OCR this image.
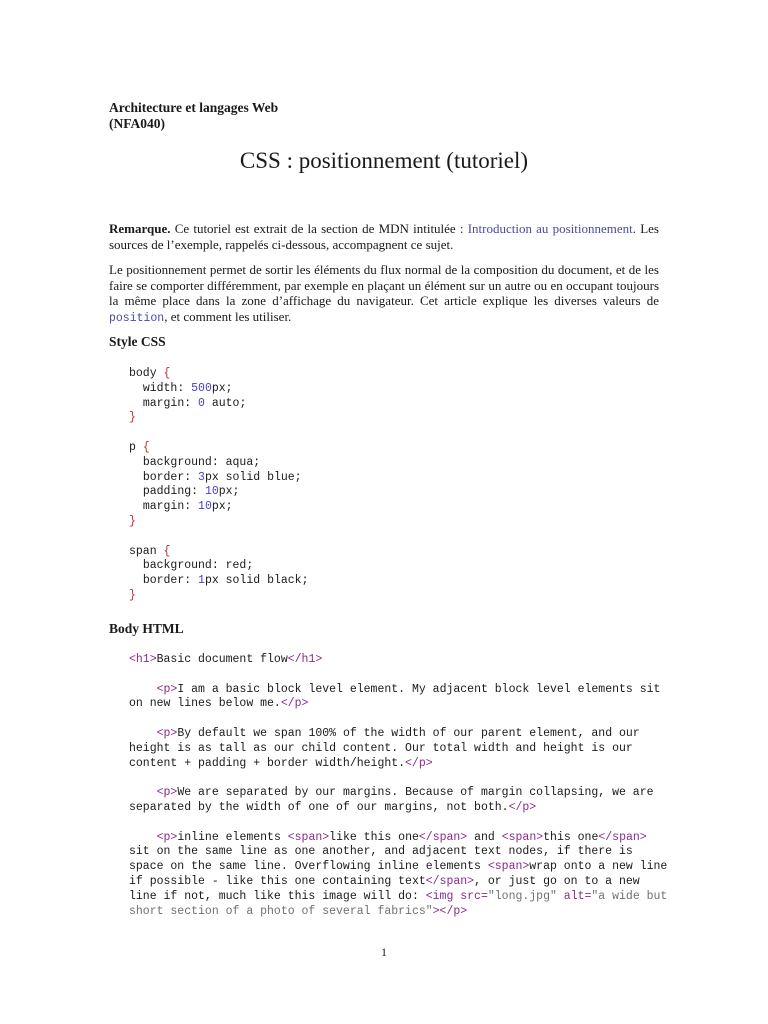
Architecture et langages Web
(NFA040)
CSS : positionnement (tutoriel)
Remarque. Ce tutoriel est extrait de la section de MDN intitulée : Introduction au positionnement. Les sources de l’exemple, rappelés ci-dessous, accompagnent ce sujet.
Le positionnement permet de sortir les éléments du flux normal de la composition du document, et de les faire se comporter différemment, par exemple en plaçant un élément sur un autre ou en occupant toujours la même place dans la zone d’affichage du navigateur. Cet article explique les diverses valeurs de position, et comment les utiliser.
Style CSS
body {
width: 500px;
margin: 0 auto;
}

p {
background: aqua;
border: 3px solid blue;
padding: 10px;
margin: 10px;
}

span {
background: red;
border: 1px solid black;
}
Body HTML
<h1>Basic document flow</h1>

<p>I am a basic block level element. My adjacent block level elements sit
on new lines below me.</p>

<p>By default we span 100% of the width of our parent element, and our
height is as tall as our child content. Our total width and height is our
content + padding + border width/height.</p>

<p>We are separated by our margins. Because of margin collapsing, we are
separated by the width of one of our margins, not both.</p>

<p>inline elements <span>like this one</span> and <span>this one</span>
sit on the same line as one another, and adjacent text nodes, if there is
space on the same line. Overflowing inline elements <span>wrap onto a new line
if possible - like this one containing text</span>, or just go on to a new
line if not, much like this image will do: <img src="long.jpg" alt="a wide but
short section of a photo of several fabrics"></p>
1
